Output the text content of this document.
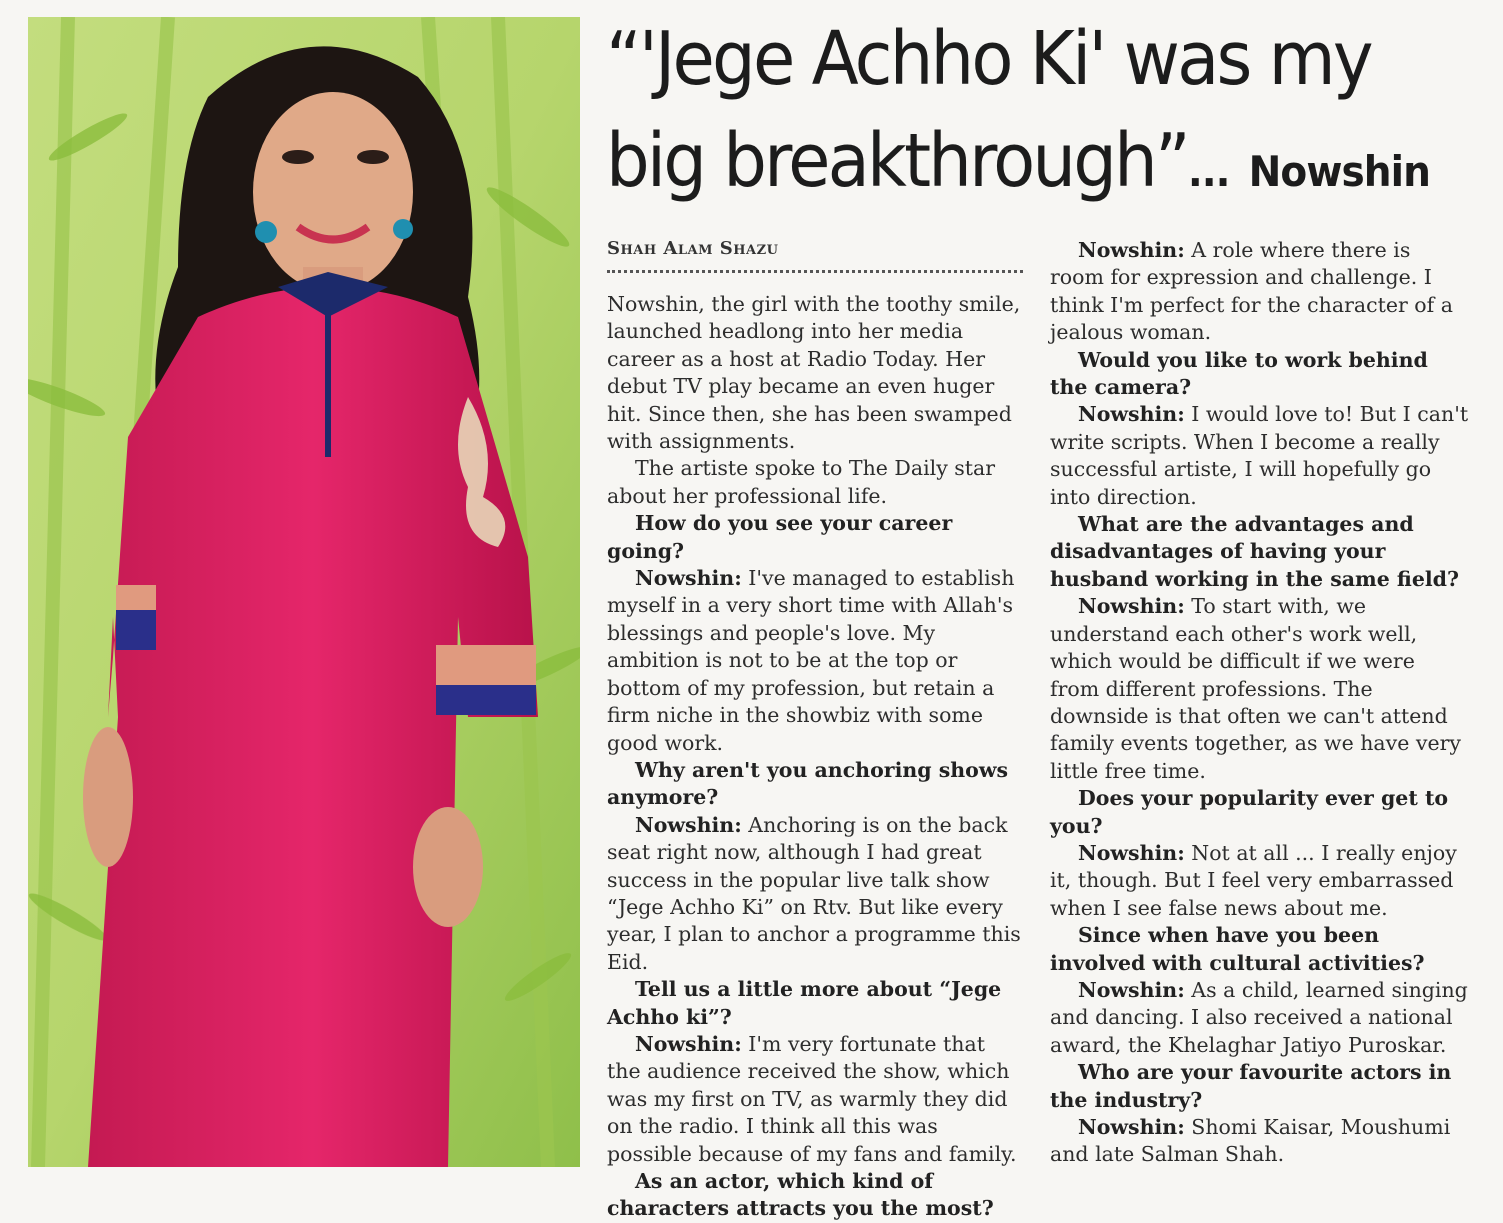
“'Jege Achho Ki' was my
big breakthrough”... Nowshin
Shah Alam Shazu

Nowshin, the girl with the toothy smile, launched headlong into her media career as a host at Radio Today. Her debut TV play became an even huger hit. Since then, she has been swamped with assignments.

The artiste spoke to The Daily star about her professional life.

How do you see your career going?

Nowshin: I've managed to establish myself in a very short time with Allah's blessings and people's love. My ambition is not to be at the top or bottom of my profession, but retain a firm niche in the showbiz with some good work.

Why aren't you anchoring shows anymore?

Nowshin: Anchoring is on the back seat right now, although I had great success in the popular live talk show “Jege Achho Ki” on Rtv. But like every year, I plan to anchor a programme this Eid.

Tell us a little more about “Jege Achho ki”?

Nowshin: I'm very fortunate that the audience received the show, which was my first on TV, as warmly they did on the radio. I think all this was possible because of my fans and family.

As an actor, which kind of characters attracts you the most?

Nowshin: A role where there is room for expression and challenge. I think I'm perfect for the character of a jealous woman.

Would you like to work behind the camera?

Nowshin: I would love to! But I can't write scripts. When I become a really successful artiste, I will hopefully go into direction.

What are the advantages and disadvantages of having your husband working in the same field?

Nowshin: To start with, we understand each other's work well, which would be difficult if we were from different professions. The downside is that often we can't attend family events together, as we have very little free time.

Does your popularity ever get to you?

Nowshin: Not at all ... I really enjoy it, though. But I feel very embarrassed when I see false news about me.

Since when have you been involved with cultural activities?

Nowshin: As a child, learned singing and dancing. I also received a national award, the Khelaghar Jatiyo Puroskar.

Who are your favourite actors in the industry?

Nowshin: Shomi Kaisar, Moushumi and late Salman Shah.
